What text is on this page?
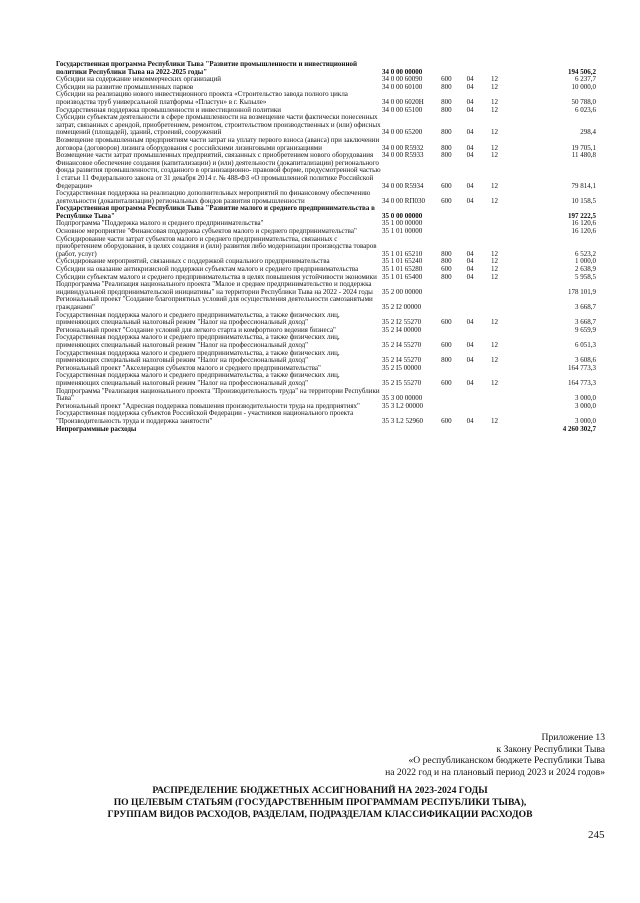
Государственная программа Республики Тыва "Развитие промышленности и инвестиционной политики Республики Тыва на 2022-2025 годы"	34 0 00 00000				194 506,2
Субсидии на содержание некоммерческих организаций	34 0 00 60090	600	04	12	6 237,7
Субсидии на развитие промышленных парков	34 0 00 60100	800	04	12	10 000,0
Субсидии на реализацию нового инвестиционного проекта «Строительство завода полного цикла производства труб универсальной платформы «Пластун» в г. Кызыле»	34 0 00 6020Н	800	04	12	50 788,0
Государственная поддержка промышленности и инвестиционной политики	34 0 00 65100	800	04	12	6 023,6
Субсидии субъектам деятельности в сфере промышленности на возмещение части фактически понесенных затрат, связанных с арендой, приобретением, ремонтом, строительством производственных и (или) офисных помещений (площадей), зданий, строений, сооружений	34 0 00 65200	800	04	12	298,4
Возмещение промышленным предприятиям части затрат на уплату первого взноса (аванса) при заключении договора (договоров) лизинга оборудования с российскими лизинговыми организациями	34 0 00 R5932	800	04	12	19 705,1
Возмещение части затрат промышленных предприятий, связанных с приобретением нового оборудования	34 0 00 R5933	800	04	12	11 480,8
Финансовое обеспечение создания (капитализации) и (или) деятельности (докапитализации) регионального фонда развития промышленности, созданного в организационно- правовой форме, предусмотренной частью 1 статьи 11 Федерального закона от 31 декабря 2014 г. № 488-ФЗ «О промышленной политике Российской Федерации»	34 0 00 R5934	600	04	12	79 814,1
Государственная поддержка на реализацию дополнительных мероприятий по финансовому обеспечению деятельности (докапитализации) региональных фондов развития промышленности	34 0 00 RП030	600	04	12	10 158,5
Государственная программа Республики Тыва "Развитие малого и среднего предпринимательства в Республике Тыва"	35 0 00 00000				197 222,5
Подпрограмма "Поддержка малого и среднего предпринимательства"	35 1 00 00000				16 120,6
Основное мероприятие "Финансовая поддержка субъектов малого и среднего предпринимательства"	35 1 01 00000				16 120,6
Субсидирование части затрат субъектов малого и среднего предпринимательства, связанных с приобретением оборудования, в целях создания и (или) развития либо модернизации производства товаров (работ, услуг)	35 1 01 65210	800	04	12	6 523,2
Субсидирование мероприятий, связанных с поддержкой социального предпринимательства	35 1 01 65240	800	04	12	1 000,0
Субсидии на оказание антикризисной поддержки субъектам малого и среднего предпринимательства	35 1 01 65280	600	04	12	2 638,9
Субсидии субъектам малого и среднего предпринимательства в целях повышения устойчивости экономики	35 1 01 65400	800	04	12	5 958,5
Подпрограмма "Реализация национального проекта "Малое и среднее предпринимательство и поддержка индивидуальной предпринимательской инициативы" на территории Республики Тыва на 2022 - 2024 годы	35 2 00 00000				178 101,9
Региональный проект "Создание благоприятных условий для осуществления деятельности самозанятыми гражданами"	35 2 I2 00000				3 668,7
Государственная поддержка малого и среднего предпринимательства, а также физических лиц, применяющих специальный налоговый режим "Налог на профессиональный доход"	35 2 I2 55270	600	04	12	3 668,7
Региональный проект "Создание условий для легкого старта и комфортного ведения бизнеса"	35 2 I4 00000				9 659,9
Государственная поддержка малого и среднего предпринимательства, а также физических лиц, применяющих специальный налоговый режим "Налог на профессиональный доход"	35 2 I4 55270	600	04	12	6 051,3
Государственная поддержка малого и среднего предпринимательства, а также физических лиц, применяющих специальный налоговый режим "Налог на профессиональный доход"	35 2 I4 55270	800	04	12	3 608,6
Региональный проект "Акселерация субъектов малого и среднего предпринимательства"	35 2 I5 00000				164 773,3
Государственная поддержка малого и среднего предпринимательства, а также физических лиц, применяющих специальный налоговый режим "Налог на профессиональный доход"	35 2 I5 55270	600	04	12	164 773,3
Подпрограмма "Реализация национального проекта "Производительность труда" на территории Республики Тыва"	35 3 00 00000				3 000,0
Региональный проект "Адресная поддержка повышения производительности труда на предприятиях"	35 3 L2 00000				3 000,0
Государственная поддержка субъектов Российской Федерации - участников национального проекта "Производительность труда и поддержка занятости"	35 3 L2 52960	600	04	12	3 000,0
Непрограммные расходы					4 260 302,7
Приложение 13
к Закону Республики Тыва
«О республиканском бюджете Республики Тыва
на 2022 год и на плановый период 2023 и 2024 годов»
РАСПРЕДЕЛЕНИЕ БЮДЖЕТНЫХ АССИГНОВАНИЙ НА 2023-2024 ГОДЫ
ПО ЦЕЛЕВЫМ СТАТЬЯМ (ГОСУДАРСТВЕННЫМ ПРОГРАММАМ РЕСПУБЛИКИ ТЫВА),
ГРУППАМ ВИДОВ РАСХОДОВ, РАЗДЕЛАМ, ПОДРАЗДЕЛАМ КЛАССИФИКАЦИИ РАСХОДОВ
245
